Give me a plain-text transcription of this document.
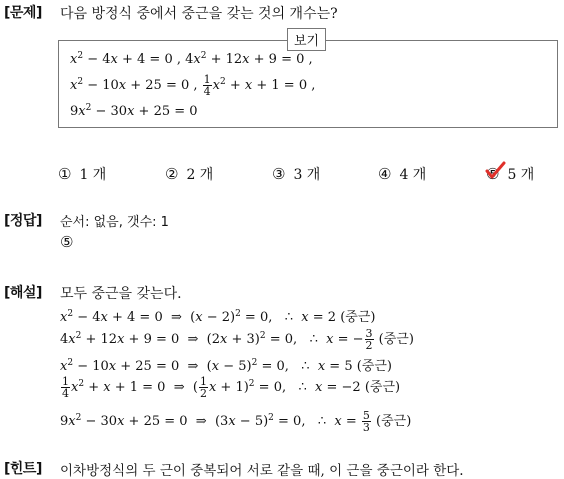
[문제] 다음 방정식 중에서 중근을 갖는 것의 개수는?
보기
$x^2 - 4x + 4 = 0$ , $4x^2 + 12x + 9 = 0$ ,
$x^2 - 10x + 25 = 0$ , $\frac{1}{4} x^2 + x + 1 = 0$ ,
$9x^2 - 30x + 25 = 0$
① 1 개	② 2 개	③ 3 개	④ 4 개	⑤ 5 개
[정답] 순서: 없음, 갯수: 1
⑤
[해설] 모두 중근을 갖는다.
$x^2 - 4x + 4 = 0$  ⇒  $(x - 2)^2 = 0$,   ∴  x = 2 (중근)
$4x^2 + 12x + 9 = 0$  ⇒  $(2x + 3)^2 = 0$,   ∴  x = − $\frac{3}{2}$ (중근)
$x^2 - 10x + 25 = 0$  ⇒  $(x - 5)^2 = 0$,   ∴  x = 5 (중근)
$\frac{1}{4} x^2 + x + 1 = 0$  ⇒  ( $\frac{1}{2}$ x + 1)$^2$ = 0,   ∴  x = −2 (중근)
$9x^2 - 30x + 25 = 0$  ⇒  $(3x - 5)^2 = 0$,   ∴  $x = \frac{5}{3}$ (중근)
[힌트] 이차방정식의 두 근이 중복되어 서로 같을 때, 이 근을 중근이라 한다.
